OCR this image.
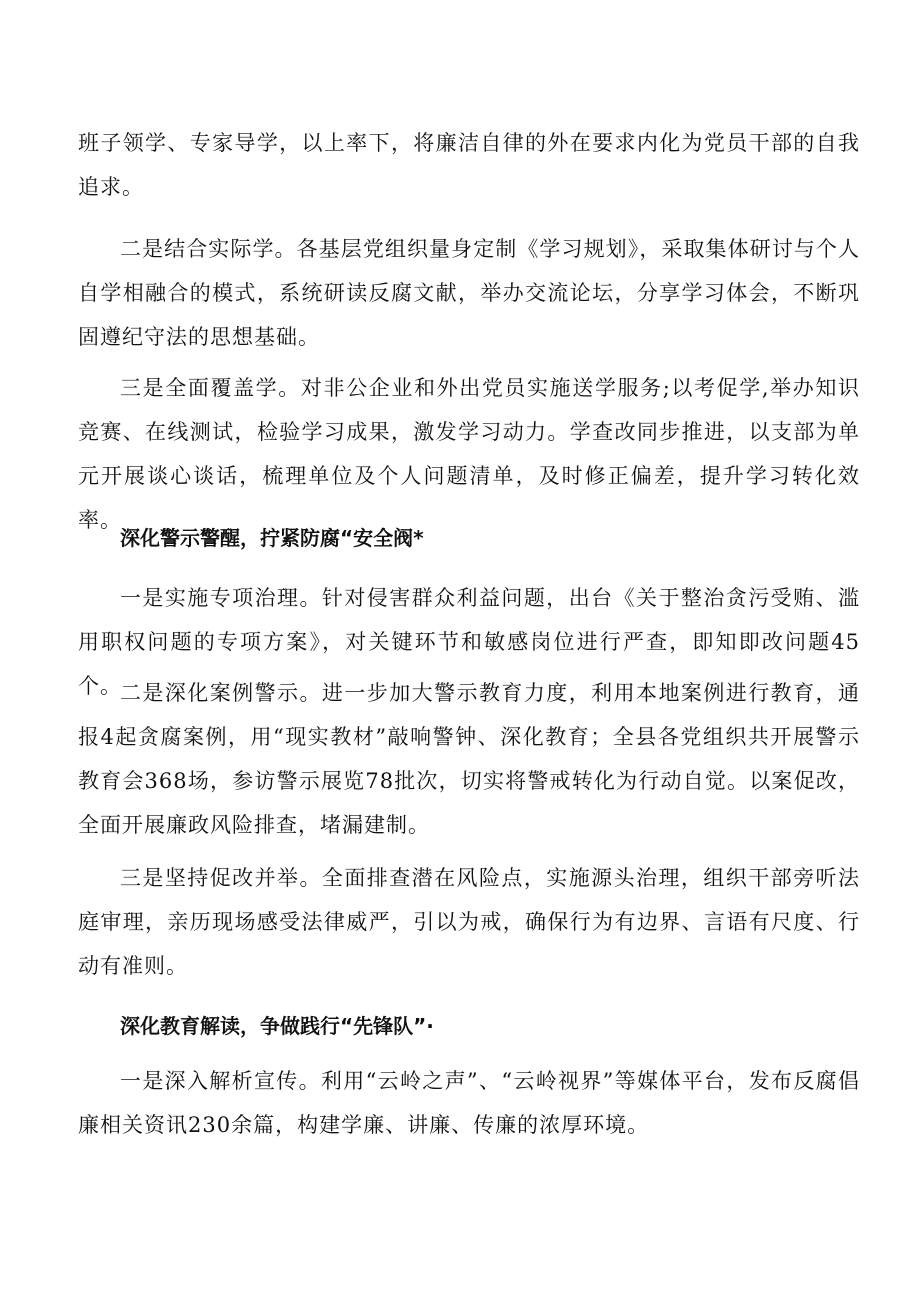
班子领学、专家导学，以上率下，将廉洁自律的外在要求内化为党员干部的自我追求。

二是结合实际学。各基层党组织量身定制《学习规划》，采取集体研讨与个人自学相融合的模式，系统研读反腐文献，举办交流论坛，分享学习体会，不断巩固遵纪守法的思想基础。

三是全面覆盖学。对非公企业和外出党员实施送学服务;以考促学,举办知识竞赛、在线测试，检验学习成果，激发学习动力。学查改同步推进，以支部为单元开展谈心谈话，梳理单位及个人问题清单，及时修正偏差，提升学习转化效率。

深化警示警醒，拧紧防腐“安全阀*

一是实施专项治理。针对侵害群众利益问题，出台《关于整治贪污受贿、滥用职权问题的专项方案》，对关键环节和敏感岗位进行严查，即知即改问题45个。

二是深化案例警示。进一步加大警示教育力度，利用本地案例进行教育，通报4起贪腐案例，用“现实教材”敲响警钟、深化教育；全县各党组织共开展警示教育会368场，参访警示展览78批次，切实将警戒转化为行动自觉。以案促改，全面开展廉政风险排查，堵漏建制。

三是坚持促改并举。全面排查潜在风险点，实施源头治理，组织干部旁听法庭审理，亲历现场感受法律威严，引以为戒，确保行为有边界、言语有尺度、行动有准则。

深化教育解读，争做践行“先锋队”·

一是深入解析宣传。利用“云岭之声”、“云岭视界”等媒体平台，发布反腐倡廉相关资讯230余篇，构建学廉、讲廉、传廉的浓厚环境。
